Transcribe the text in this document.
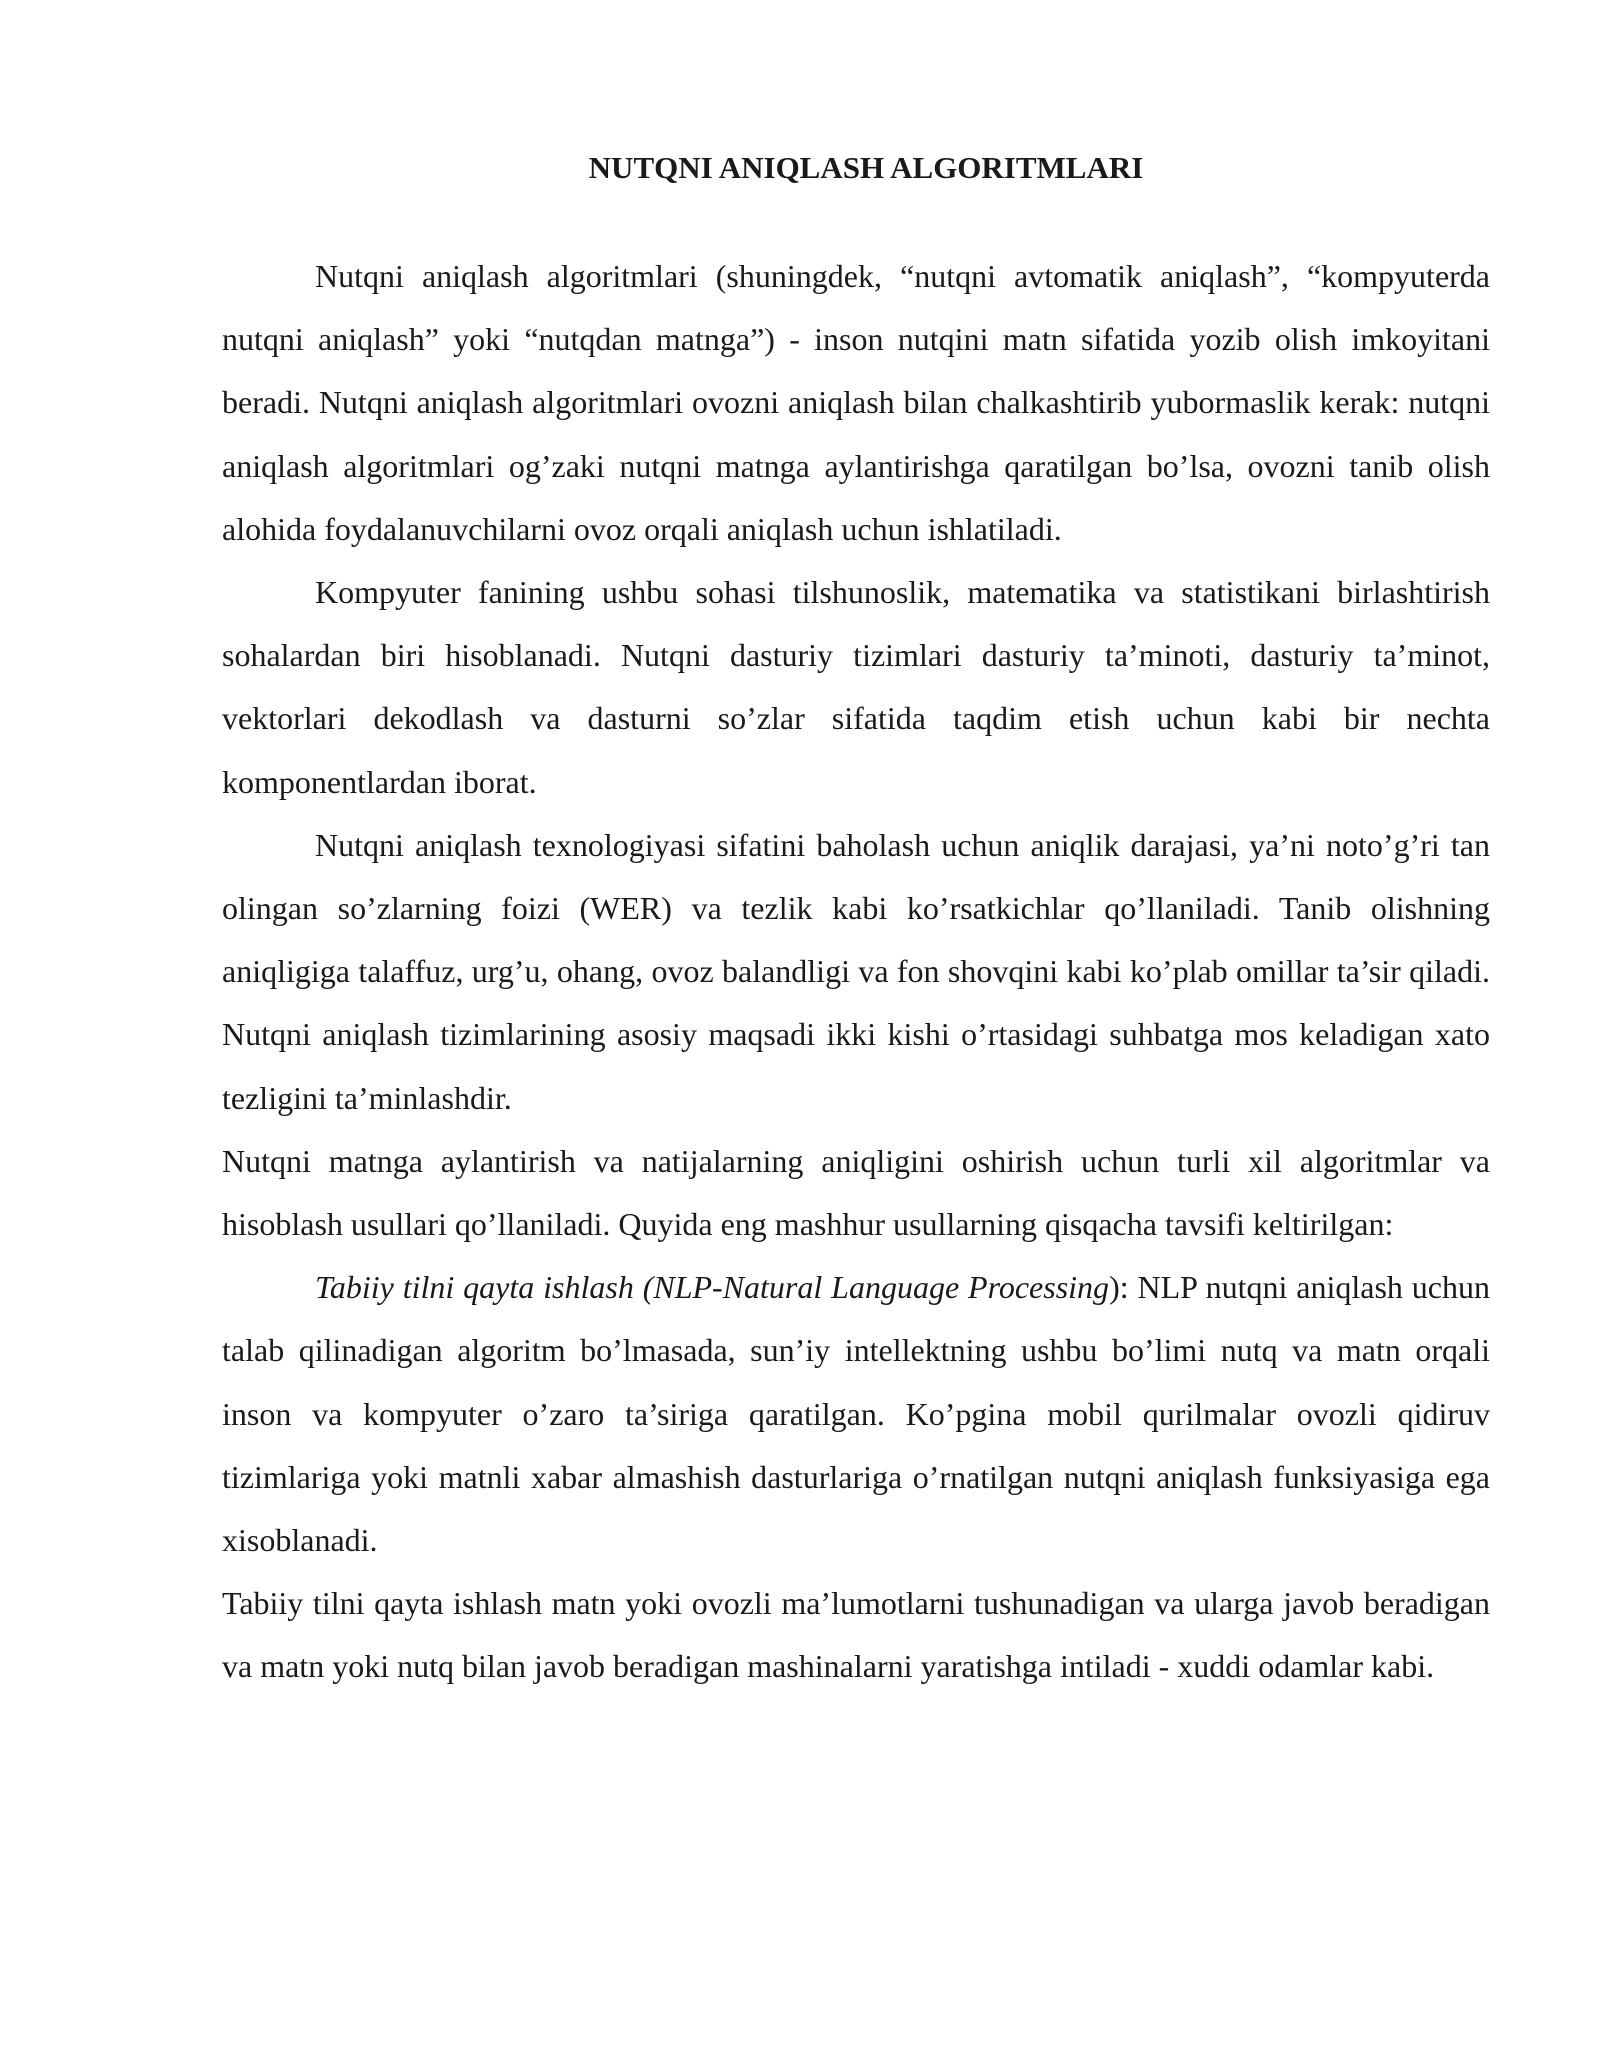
NUTQNI ANIQLASH ALGORITMLARI

Nutqni aniqlash algoritmlari (shuningdek, “nutqni avtomatik aniqlash”, “kompyuterda nutqni aniqlash” yoki “nutqdan matnga”) - inson nutqini matn sifatida yozib olish imkoyitani beradi. Nutqni aniqlash algoritmlari ovozni aniqlash bilan chalkashtirib yubormaslik kerak: nutqni aniqlash algoritmlari og’zaki nutqni matnga aylantirishga qaratilgan bo’lsa, ovozni tanib olish alohida foydalanuvchilarni ovoz orqali aniqlash uchun ishlatiladi.

Kompyuter fanining ushbu sohasi tilshunoslik, matematika va statistikani birlashtirish sohalardan biri hisoblanadi. Nutqni dasturiy tizimlari dasturiy ta’minoti, dasturiy ta’minot, vektorlari dekodlash va dasturni so’zlar sifatida taqdim etish uchun kabi bir nechta komponentlardan iborat.

Nutqni aniqlash texnologiyasi sifatini baholash uchun aniqlik darajasi, ya’ni noto’g’ri tan olingan so’zlarning foizi (WER) va tezlik kabi ko’rsatkichlar qo’llaniladi. Tanib olishning aniqligiga talaffuz, urg’u, ohang, ovoz balandligi va fon shovqini kabi ko’plab omillar ta’sir qiladi. Nutqni aniqlash tizimlarining asosiy maqsadi ikki kishi o’rtasidagi suhbatga mos keladigan xato tezligini ta’minlashdir.

Nutqni matnga aylantirish va natijalarning aniqligini oshirish uchun turli xil algoritmlar va hisoblash usullari qo’llaniladi. Quyida eng mashhur usullarning qisqacha tavsifi keltirilgan:

Tabiiy tilni qayta ishlash (NLP-Natural Language Processing): NLP nutqni aniqlash uchun talab qilinadigan algoritm bo’lmasada, sun’iy intellektning ushbu bo’limi nutq va matn orqali inson va kompyuter o’zaro ta’siriga qaratilgan. Ko’pgina mobil qurilmalar ovozli qidiruv tizimlariga yoki matnli xabar almashish dasturlariga o’rnatilgan nutqni aniqlash funksiyasiga ega xisoblanadi.

Tabiiy tilni qayta ishlash matn yoki ovozli ma’lumotlarni tushunadigan va ularga javob beradigan va matn yoki nutq bilan javob beradigan mashinalarni yaratishga intiladi - xuddi odamlar kabi.
